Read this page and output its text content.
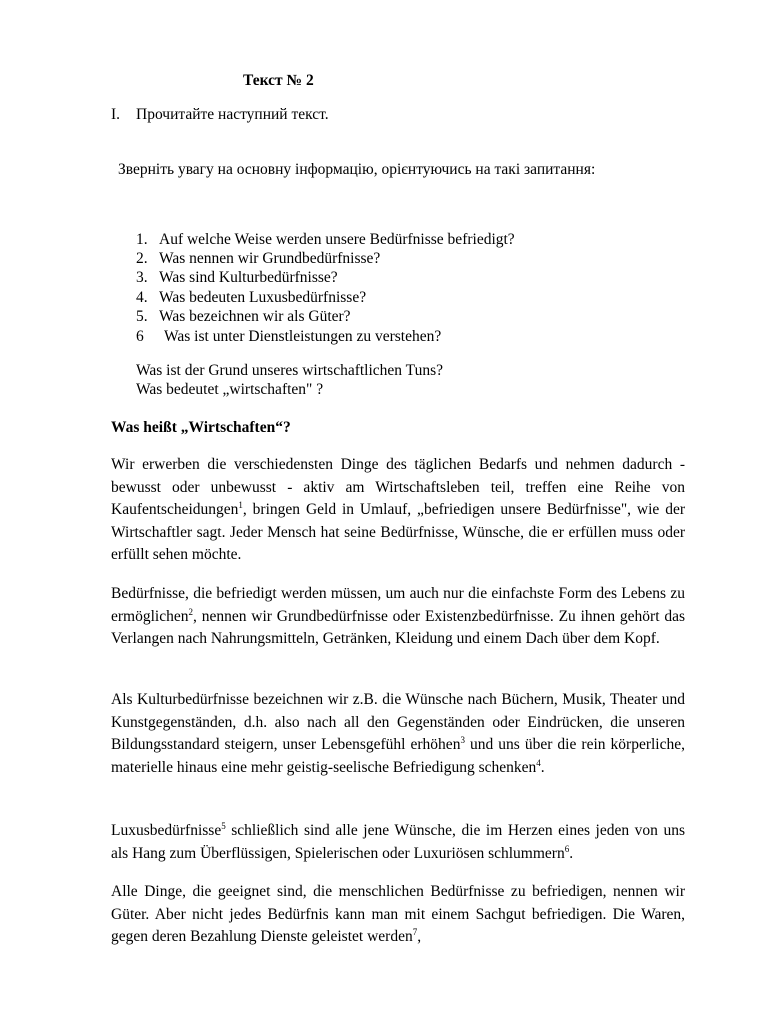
Текст № 2
I. Прочитайте наступний текст.
Зверніть увагу на основну інформацію, орієнтуючись на такі запитання:
1. Auf welche Weise werden unsere Bedürfnisse befriedigt?
2. Was nennen wir Grundbedürfnisse?
3. Was sind Kulturbedürfnisse?
4. Was bedeuten Luxusbedürfnisse?
5. Was bezeichnen wir als Güter?
6 Was ist unter Dienstleistungen zu verstehen?
Was ist der Grund unseres wirtschaftlichen Tuns?
Was bedeutet „wirtschaften" ?
Was heißt „Wirtschaften“?

Wir erwerben die verschiedensten Dinge des täglichen Bedarfs und nehmen dadurch - bewusst oder unbewusst - aktiv am Wirtschaftsleben teil, treffen eine Reihe von Kaufentscheidungen$^1$, bringen Geld in Umlauf, „befriedigen unsere Bedürfnisse", wie der Wirtschaftler sagt. Jeder Mensch hat seine Bedürfnisse, Wünsche, die er erfüllen muss oder erfüllt sehen möchte.

Bedürfnisse, die befriedigt werden müssen, um auch nur die einfachste Form des Lebens zu ermöglichen$^2$, nennen wir Grundbedürfnisse oder Existenzbedürfnisse. Zu ihnen gehört das Verlangen nach Nahrungsmitteln, Getränken, Kleidung und einem Dach über dem Kopf.

Als Kulturbedürfnisse bezeichnen wir z.B. die Wünsche nach Büchern, Musik, Theater und Kunstgegenständen, d.h. also nach all den Gegenständen oder Eindrücken, die unseren Bildungsstandard steigern, unser Lebensgefühl erhöhen$^3$ und uns über die rein körperliche, materielle hinaus eine mehr geistig-seelische Befriedigung schenken$^4$.

Luxusbedürfnisse$^5$ schließlich sind alle jene Wünsche, die im Herzen eines jeden von uns als Hang zum Überflüssigen, Spielerischen oder Luxuriösen schlummern$^6$.

Alle Dinge, die geeignet sind, die menschlichen Bedürfnisse zu befriedigen, nennen wir Güter. Aber nicht jedes Bedürfnis kann man mit einem Sachgut befriedigen. Die Waren, gegen deren Bezahlung Dienste geleistet werden$^7$,
